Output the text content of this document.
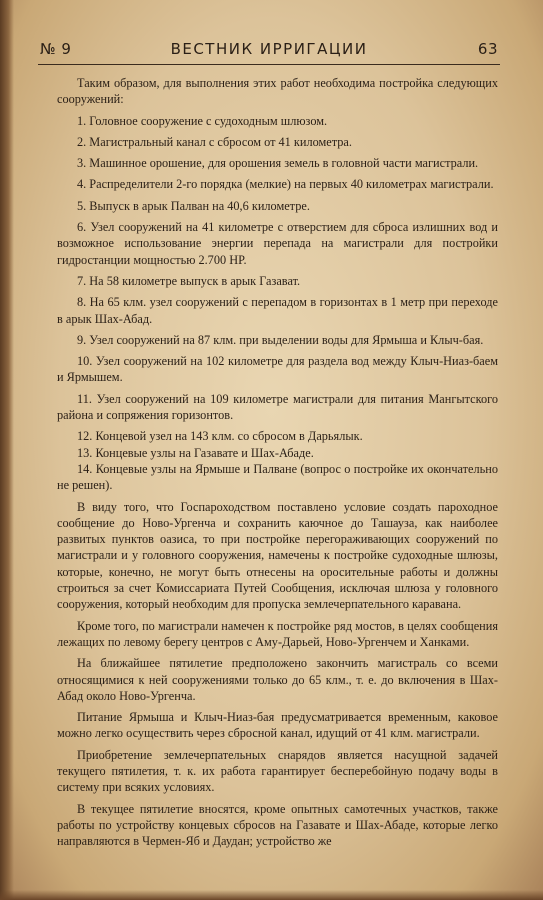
№ 9	ВЕСТНИК ИРРИГАЦИИ	63

Таким образом, для выполнения этих работ необходима постройка следующих сооружений:

1. Головное сооружение с судоходным шлюзом.

2. Магистральный канал с сбросом от 41 километра.

3. Машинное орошение, для орошения земель в головной части магистрали.

4. Распределители 2-го порядка (мелкие) на первых 40 километрах магистрали.

5. Выпуск в арык Палван на 40,6 километре.

6. Узел сооружений на 41 километре с отверстием для сброса излишних вод и возможное использование энергии перепада на магистрали для постройки гидростанции мощностью 2.700 HP.

7. На 58 километре выпуск в арык Газават.

8. На 65 клм. узел сооружений с перепадом в горизонтах в 1 метр при переходе в арык Шах-Абад.

9. Узел сооружений на 87 клм. при выделении воды для Ярмыша и Клыч-бая.

10. Узел сооружений на 102 километре для раздела вод между Клыч-Ниаз-баем и Ярмышем.

11. Узел сооружений на 109 километре магистрали для питания Мангытского района и сопряжения горизонтов.

12. Концевой узел на 143 клм. со сбросом в Дарьялык.

13. Концевые узлы на Газавате и Шах-Абаде.

14. Концевые узлы на Ярмыше и Палване (вопрос о постройке их окончательно не решен).

В виду того, что Госпароходством поставлено условие создать пароходное сообщение до Ново-Ургенча и сохранить каючное до Ташауза, как наиболее развитых пунктов оазиса, то при постройке перегораживающих сооружений по магистрали и у головного сооружения, намечены к постройке судоходные шлюзы, которые, конечно, не могут быть отнесены на оросительные работы и должны строиться за счет Комиссариата Путей Сообщения, исключая шлюза у головного сооружения, который необходим для пропуска землечерпательного каравана.

Кроме того, по магистрали намечен к постройке ряд мостов, в целях сообщения лежащих по левому берегу центров с Аму-Дарьей, Ново-Ургенчем и Ханками.

На ближайшее пятилетие предположено закончить магистраль со всеми относящимися к ней сооружениями только до 65 клм., т. е. до включения в Шах-Абад около Ново-Ургенча.

Питание Ярмыша и Клыч-Ниаз-бая предусматривается временным, каковое можно легко осуществить через сбросной канал, идущий от 41 клм. магистрали.

Приобретение землечерпательных снарядов является насущной задачей текущего пятилетия, т. к. их работа гарантирует бесперебойную подачу воды в систему при всяких условиях.

В текущее пятилетие вносятся, кроме опытных самотечных участков, также работы по устройству концевых сбросов на Газавате и Шах-Абаде, которые легко направляются в Чермен-Яб и Даудан; устройство же
